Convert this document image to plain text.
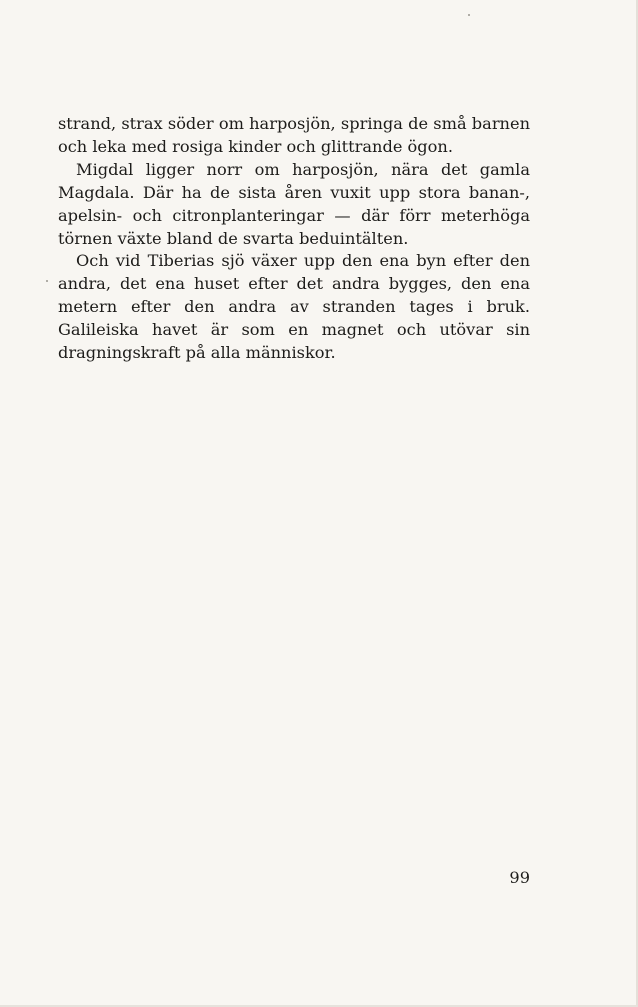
strand, strax söder om harposjön, springa de små barnen och leka med rosiga kinder och glittrande ögon.

Migdal ligger norr om harposjön, nära det gamla Magdala. Där ha de sista åren vuxit upp stora banan-, apelsin- och citronplanteringar — där förr meterhöga törnen växte bland de svarta beduintälten.

Och vid Tiberias sjö växer upp den ena byn efter den andra, det ena huset efter det andra bygges, den ena metern efter den andra av stranden tages i bruk. Galileiska havet är som en magnet och utövar sin dragningskraft på alla människor.

99
